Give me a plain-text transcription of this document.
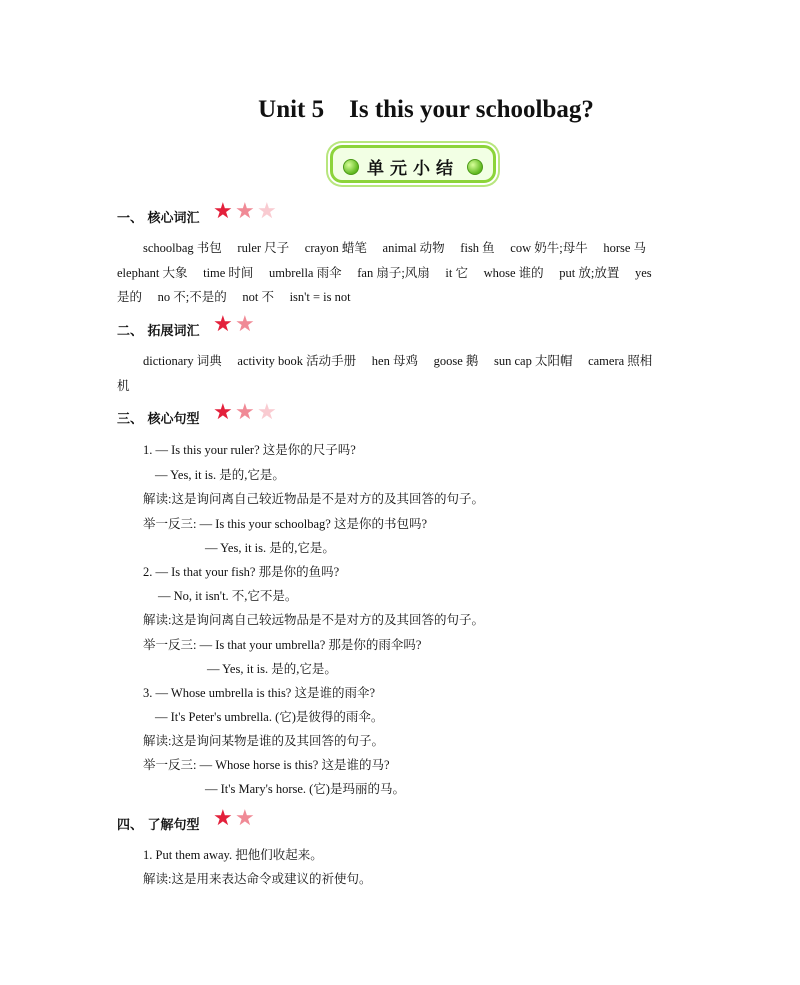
Unit 5 Is this your schoolbag?
单元小结
一、 核心词汇 ★ ★ ★
schoolbag 书包  ruler 尺子  crayon 蜡笔  animal 动物  fish 鱼  cow 奶牛;母牛  horse 马
elephant 大象  time 时间  umbrella 雨伞  fan 扇子;风扇  it 它  whose 谁的  put 放;放置  yes
是的  no 不;不是的  not 不  isn't = is not
二、 拓展词汇 ★ ★
dictionary 词典  activity book 活动手册  hen 母鸡  goose 鹅  sun cap 太阳帽  camera 照相
机
三、 核心句型 ★ ★ ★
1. — Is this your ruler? 这是你的尺子吗?
— Yes, it is. 是的,它是。
解读:这是询问离自己较近物品是不是对方的及其回答的句子。
举一反三: — Is this your schoolbag? 这是你的书包吗?
— Yes, it is. 是的,它是。
2. — Is that your fish? 那是你的鱼吗?
— No, it isn't. 不,它不是。
解读:这是询问离自己较远物品是不是对方的及其回答的句子。
举一反三: — Is that your umbrella? 那是你的雨伞吗?
— Yes, it is. 是的,它是。
3. — Whose umbrella is this? 这是谁的雨伞?
— It's Peter's umbrella. (它)是彼得的雨伞。
解读:这是询问某物是谁的及其回答的句子。
举一反三: — Whose horse is this? 这是谁的马?
— It's Mary's horse. (它)是玛丽的马。
四、 了解句型 ★ ★
1. Put them away. 把他们收起来。
解读:这是用来表达命令或建议的祈使句。
